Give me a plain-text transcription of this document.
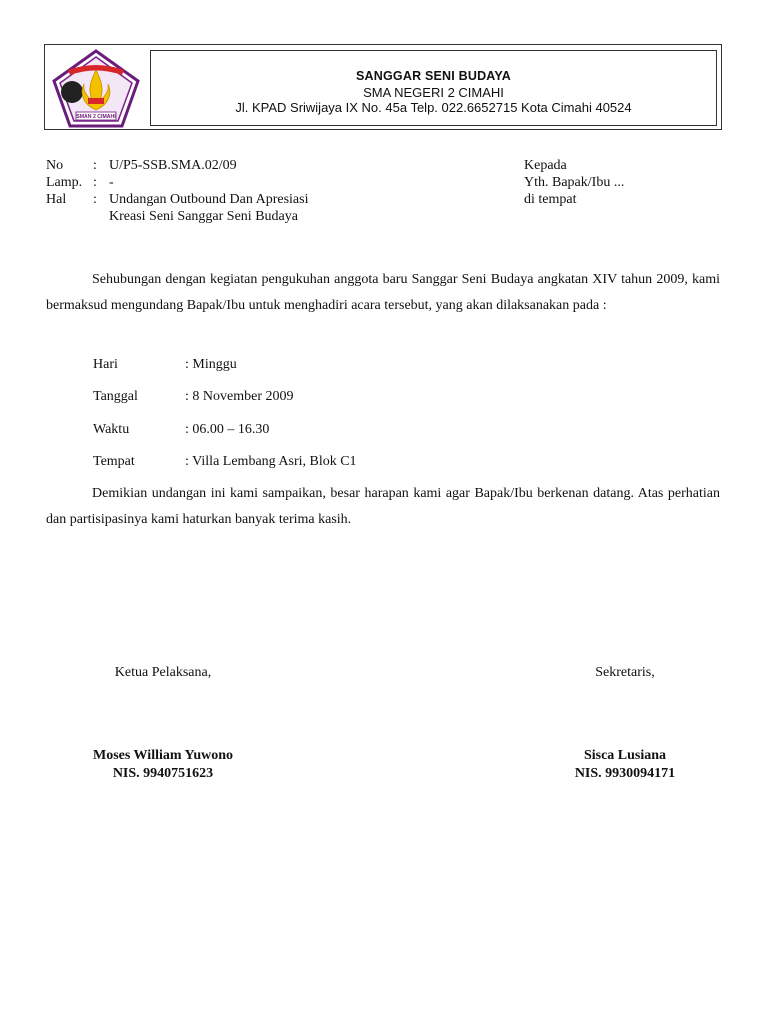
SMAN 2 CIMAHI
SANGGAR SENI BUDAYA
SMA NEGERI 2 CIMAHI
Jl. KPAD Sriwijaya IX No. 45a Telp. 022.6652715 Kota Cimahi 40524
No : U/P5-SSB.SMA.02/09
Lamp. : -
Hal : Undangan Outbound Dan Apresiasi
Kreasi Seni Sanggar Seni Budaya
Kepada
Yth. Bapak/Ibu ...
di tempat
Sehubungan dengan kegiatan pengukuhan anggota baru Sanggar Seni Budaya angkatan XIV tahun 2009, kami bermaksud mengundang Bapak/Ibu untuk menghadiri acara tersebut, yang akan dilaksanakan pada :
Hari	: Minggu
Tanggal	: 8 November 2009
Waktu	: 06.00 – 16.30
Tempat	: Villa Lembang Asri, Blok C1
Demikian undangan ini kami sampaikan, besar harapan kami agar Bapak/Ibu berkenan datang. Atas perhatian dan partisipasinya kami haturkan banyak terima kasih.
Ketua Pelaksana,
Moses William Yuwono
NIS. 9940751623
Sekretaris,
Sisca Lusiana
NIS. 9930094171
